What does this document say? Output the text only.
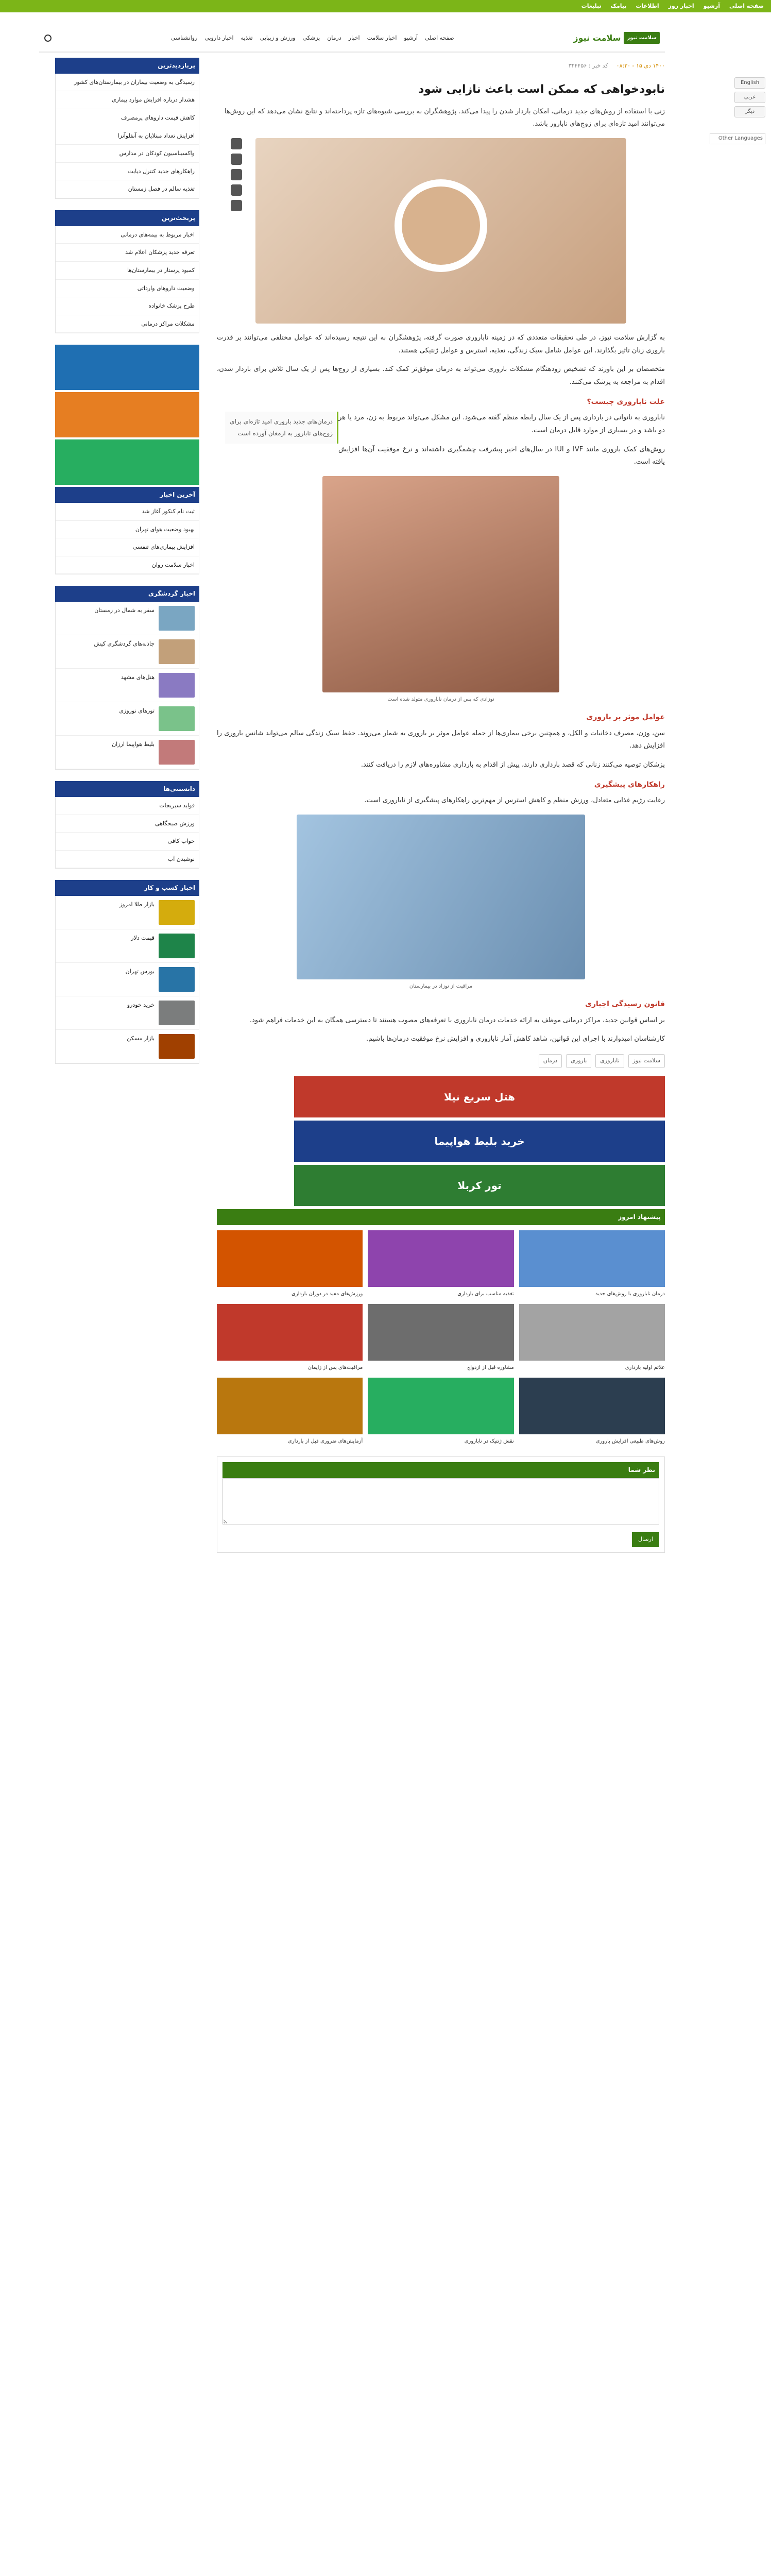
صفحه اصلی
آرشیو
اخبار روز
اطلاعات
پیامک
تبلیغات
English
عربی
دیگر
Other Languages
سلامت نیوز
سلامت نیوز
صفحه اصلی
آرشیو
اخبار سلامت
اخبار
درمان
پزشکی
ورزش و زیبایی
تغذیه
اخبار دارویی
روانشناسی
۱۴۰۰ دی ۱۵ - ۰۸:۳۰
کد خبر : ۳۲۴۴۵۶
نابودخواهی که ممکن است باعث نازایی شود

زنی با استفاده از روش‌های جدید درمانی، امکان باردار شدن را پیدا می‌کند. پژوهشگران به بررسی شیوه‌های تازه پرداخته‌اند و نتایج نشان می‌دهد که این روش‌ها می‌توانند امید تازه‌ای برای زوج‌های نابارور باشد.

به گزارش سلامت نیوز، در طی تحقیقات متعددی که در زمینه ناباروری صورت گرفته، پژوهشگران به این نتیجه رسیده‌اند که عوامل مختلفی می‌توانند بر قدرت باروری زنان تاثیر بگذارند. این عوامل شامل سبک زندگی، تغذیه، استرس و عوامل ژنتیکی هستند.

متخصصان بر این باورند که تشخیص زودهنگام مشکلات باروری می‌تواند به درمان موفق‌تر کمک کند. بسیاری از زوج‌ها پس از یک سال تلاش برای باردار شدن، اقدام به مراجعه به پزشک می‌کنند.

علت ناباروری چیست؟
درمان‌های جدید باروری امید تازه‌ای برای زوج‌های نابارور به ارمغان آورده است

ناباروری به ناتوانی در بارداری پس از یک سال رابطه منظم گفته می‌شود. این مشکل می‌تواند مربوط به زن، مرد یا هر دو باشد و در بسیاری از موارد قابل درمان است.

روش‌های کمک باروری مانند IVF و IUI در سال‌های اخیر پیشرفت چشمگیری داشته‌اند و نرخ موفقیت آن‌ها افزایش یافته است.

نوزادی که پس از درمان ناباروری متولد شده است
عوامل موثر بر باروری

سن، وزن، مصرف دخانیات و الکل، و همچنین برخی بیماری‌ها از جمله عوامل موثر بر باروری به شمار می‌روند. حفظ سبک زندگی سالم می‌تواند شانس باروری را افزایش دهد.

پزشکان توصیه می‌کنند زنانی که قصد بارداری دارند، پیش از اقدام به بارداری مشاوره‌های لازم را دریافت کنند.

راهکارهای پیشگیری

رعایت رژیم غذایی متعادل، ورزش منظم و کاهش استرس از مهم‌ترین راهکارهای پیشگیری از ناباروری است.

مراقبت از نوزاد در بیمارستان
قانون رسیدگی اجباری

بر اساس قوانین جدید، مراکز درمانی موظف به ارائه خدمات درمان ناباروری با تعرفه‌های مصوب هستند تا دسترسی همگان به این خدمات فراهم شود.

کارشناسان امیدوارند با اجرای این قوانین، شاهد کاهش آمار ناباروری و افزایش نرخ موفقیت درمان‌ها باشیم.

سلامت نیوز
ناباروری
باروری
درمان
هتل سریع نیلا
خرید بلیط هواپیما
تور کربلا
پیشنهاد امروز
درمان ناباروری با روش‌های جدید
تغذیه مناسب برای بارداری
ورزش‌های مفید در دوران بارداری
علائم اولیه بارداری
مشاوره قبل از ازدواج
مراقبت‌های پس از زایمان
روش‌های طبیعی افزایش باروری
نقش ژنتیک در ناباروری
آزمایش‌های ضروری قبل از بارداری
نظر شما
ارسال
پربازدیدترین
رسیدگی به وضعیت بیماران در بیمارستان‌های کشور
هشدار درباره افزایش موارد بیماری
کاهش قیمت داروهای پرمصرف
افزایش تعداد مبتلایان به آنفلوآنزا
واکسیناسیون کودکان در مدارس
راهکارهای جدید کنترل دیابت
تغذیه سالم در فصل زمستان
پربحث‌ترین
اخبار مربوط به بیمه‌های درمانی
تعرفه جدید پزشکان اعلام شد
کمبود پرستار در بیمارستان‌ها
وضعیت داروهای وارداتی
طرح پزشک خانواده
مشکلات مراکز درمانی
آخرین اخبار
ثبت نام کنکور آغاز شد
بهبود وضعیت هوای تهران
افزایش بیماری‌های تنفسی
اخبار سلامت روان
اخبار گردشگری
سفر به شمال در زمستان
جاذبه‌های گردشگری کیش
هتل‌های مشهد
تورهای نوروزی
بلیط هواپیما ارزان
دانستنی‌ها
فواید سبزیجات
ورزش صبحگاهی
خواب کافی
نوشیدن آب
اخبار کسب و کار
بازار طلا امروز
قیمت دلار
بورس تهران
خرید خودرو
بازار مسکن
